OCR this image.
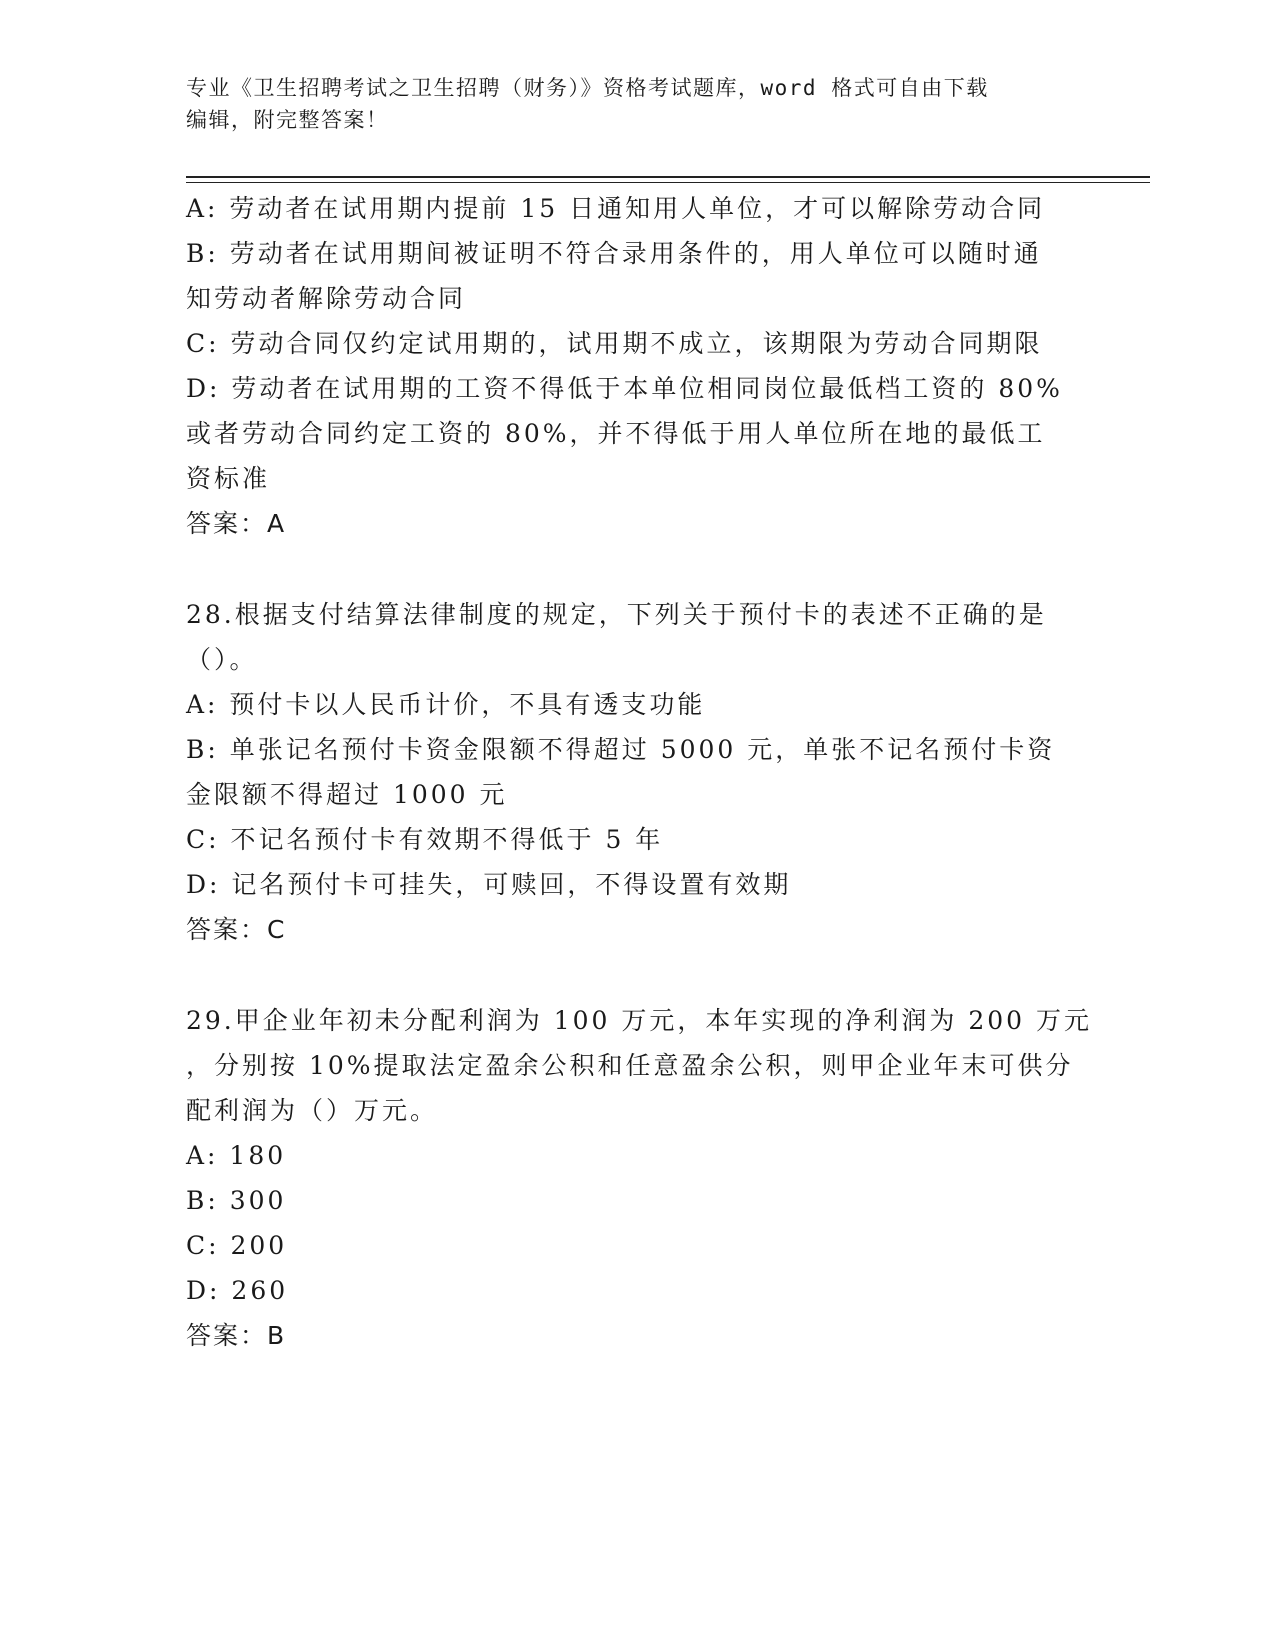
专业《卫生招聘考试之卫生招聘（财务）》资格考试题库，word 格式可自由下载

编辑，附完整答案！

A: 劳动者在试用期内提前 15 日通知用人单位，才可以解除劳动合同

B: 劳动者在试用期间被证明不符合录用条件的，用人单位可以随时通

知劳动者解除劳动合同

C: 劳动合同仅约定试用期的，试用期不成立，该期限为劳动合同期限

D: 劳动者在试用期的工资不得低于本单位相同岗位最低档工资的 80%

或者劳动合同约定工资的 80%，并不得低于用人单位所在地的最低工

资标准

答案：A

28.根据支付结算法律制度的规定，下列关于预付卡的表述不正确的是

（）。

A: 预付卡以人民币计价，不具有透支功能

B: 单张记名预付卡资金限额不得超过 5000 元，单张不记名预付卡资

金限额不得超过 1000 元

C: 不记名预付卡有效期不得低于 5 年

D: 记名预付卡可挂失，可赎回，不得设置有效期

答案：C

29.甲企业年初未分配利润为 100 万元，本年实现的净利润为 200 万元

，分别按 10%提取法定盈余公积和任意盈余公积，则甲企业年末可供分

配利润为（）万元。

A: 180

B: 300

C: 200

D: 260

答案：B
